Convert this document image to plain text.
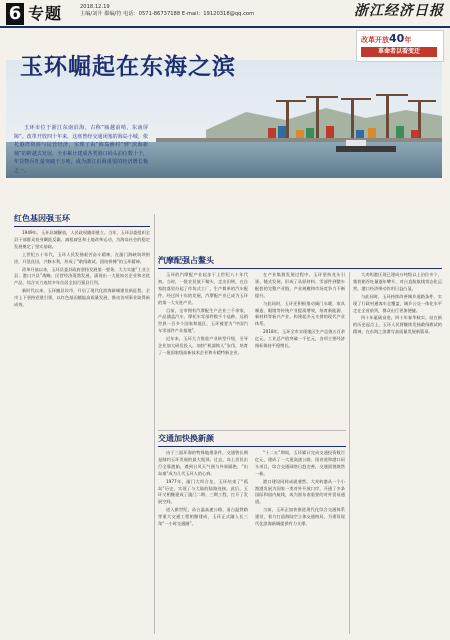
6 专题	2018.12.19
主编/刘升 都编/符 电话：0571-86737188 E-mail：19120318@qq.com	浙江经济日报
玉环崛起在东海之滨
改革开放40年
革命者以看变迁
玉环市位于浙江东南沿海，古称“瓯越前哨，东南屏障”。改革开放四十年来，这座曾经交通闭塞的海岛小城，依托港湾资源与民营经济，实现了由“海岛渔村”到“滨海新城”的跨越式发展。全市累计建成各类港口码头泊位数十个，年货物吞吐量突破千万吨，成为浙江沿海重要的经济增长极之一。
红色基因强玉环

1949年，玉环县城解放，人民政权随即建立。当年，玉环县委组织全县干部群众投身剿匪反霸、减租减息和土地改革运动，为海岛社会的稳定发展奠定了坚实基础。

上世纪五十年代，玉环人民发扬艰苦奋斗精神，在漩门海峡筑坝围涂，开垦良田，兴修水利，形成了“敢闯敢试、团结拼搏”的玉环精神。

改革开放以来，玉环县委县政府坚持发展第一要务，大力实施“工业立县、港口兴县”战略，民营经济蓬勃发展，涌现出一大批知名企业和名优产品，综合实力连续多年位居全国百强县行列。

新时代以来，玉环撤县设市，开启了现代化滨海新城建设新征程。全市上下坚持党建引领，以红色基因赋能高质量发展，推动各项事业取得新成效。

汽摩配强占鳌头

玉环的汽摩配产业起步于上世纪八十年代初。当时，一批农民放下锄头、走出田埂，在自家院落里办起了作坊式工厂，生产简单的汽车配件。经过四十年的发展，汽摩配产业已成为玉环的第一大支柱产业。

目前，全市拥有汽摩配生产企业三千余家，产品涵盖汽车、摩托车零部件数千个品种，远销世界一百多个国家和地区，玉环被誉为“中国汽车零部件产业基地”。

近年来，玉环大力推进产业转型升级，引导企业加大研发投入，加快“机器换人”步伐，培育了一批国家级高新技术企业和专精特新企业。

在产业集群发展过程中，玉环坚持龙头引领、链式发展，形成了从原材料、零部件到整车配套的完整产业链，产业规模和市场竞争力不断提升。

与此同时，玉环还积极推动阀门水暖、家具制造、眼镜等传统产业提质增效，培育新能源、新材料等新兴产业，构建起多元支撑的现代产业体系。

2018年，玉环全市实现地区生产总值五百余亿元，工业总产值突破一千亿元，各项主要经济指标保持平稳增长。

交通加快换新颜

由于三面环海的特殊地理条件，交通曾长期是制约玉环发展的最大瓶颈。过去，岛上居民出行全靠渡船，遇到台风天气便与外界隔绝，“出岛难”成为几代玉环人的心病。

1977年，漩门大坝合龙，玉环结束了“孤岛”历史，实现了与大陆的陆路连接。此后，玉环又相继建成了漩门二期、三期工程，打开了发展空间。

进入新世纪，甬台温高速公路、甬台温铁路等重大交通工程相继建成，玉环正式融入长三角“一小时交通圈”。

“十二五”期间，玉环累计完成交通投资数百亿元，建成了一大批高速公路、国省道和港口码头项目，综合交通网络日趋完善，交通面貌焕然一新。

港口建设同样成就斐然。大麦屿港从一个小渔港发展为国家一类对外开放口岸，开通了多条国际和国内航线，成为浙东南重要的对外贸易通道。

当前，玉环正加快推进现代化综合交通体系建设，着力打造海陆空立体交通格局，为建设现代化滨海新城提供有力支撑。

大麦屿港区现已建成万吨级以上泊位多个，集装箱吞吐量逐年攀升，对台直航航线常态化运营，港口经济带动作用日益凸显。

与此同时，玉环持续改善城乡道路条件，实现了行政村通客车全覆盖，城乡公交一体化水平走在全省前列，群众出行更加便捷。

四十年砥砺奋进，四十年春华秋实。站在新的历史起点上，玉环人民将继续发扬敢闯敢试的精神，在东海之滨谱写高质量发展新篇章。
